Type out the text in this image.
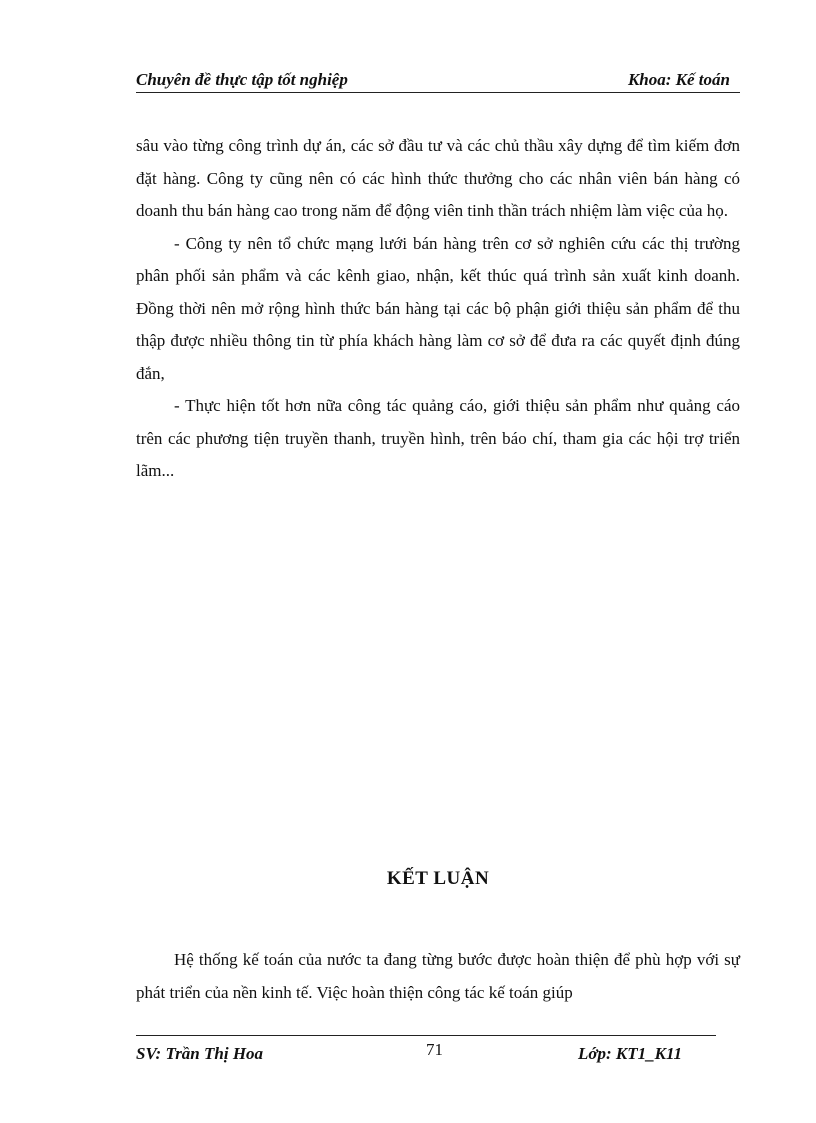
Chuyên đề thực tập tốt nghiệp	Khoa: Kế toán

sâu vào từng công trình dự án, các sở đầu tư và các chủ thầu xây dựng để tìm kiếm đơn đặt hàng. Công ty cũng nên có các hình thức thưởng cho các nhân viên bán hàng có doanh thu bán hàng cao trong năm để động viên tinh thần trách nhiệm làm việc của họ.

- Công ty nên tổ chức mạng lưới bán hàng trên cơ sở nghiên cứu các thị trường phân phối sản phẩm và các kênh giao, nhận, kết thúc quá trình sản xuất kinh doanh. Đồng thời nên mở rộng hình thức bán hàng tại các bộ phận giới thiệu sản phẩm để thu thập được nhiều thông tin từ phía khách hàng làm cơ sở để đưa ra các quyết định đúng đắn,

- Thực hiện tốt hơn nữa công tác quảng cáo, giới thiệu sản phẩm như quảng cáo trên các phương tiện truyền thanh, truyền hình, trên báo chí, tham gia các hội trợ triển lãm...

KẾT LUẬN

Hệ thống kế toán của nước ta đang từng bước được hoàn thiện để phù hợp với sự phát triển của nền kinh tế. Việc hoàn thiện công tác kế toán giúp

SV: Trần Thị Hoa	71	Lớp: KT1_K11
